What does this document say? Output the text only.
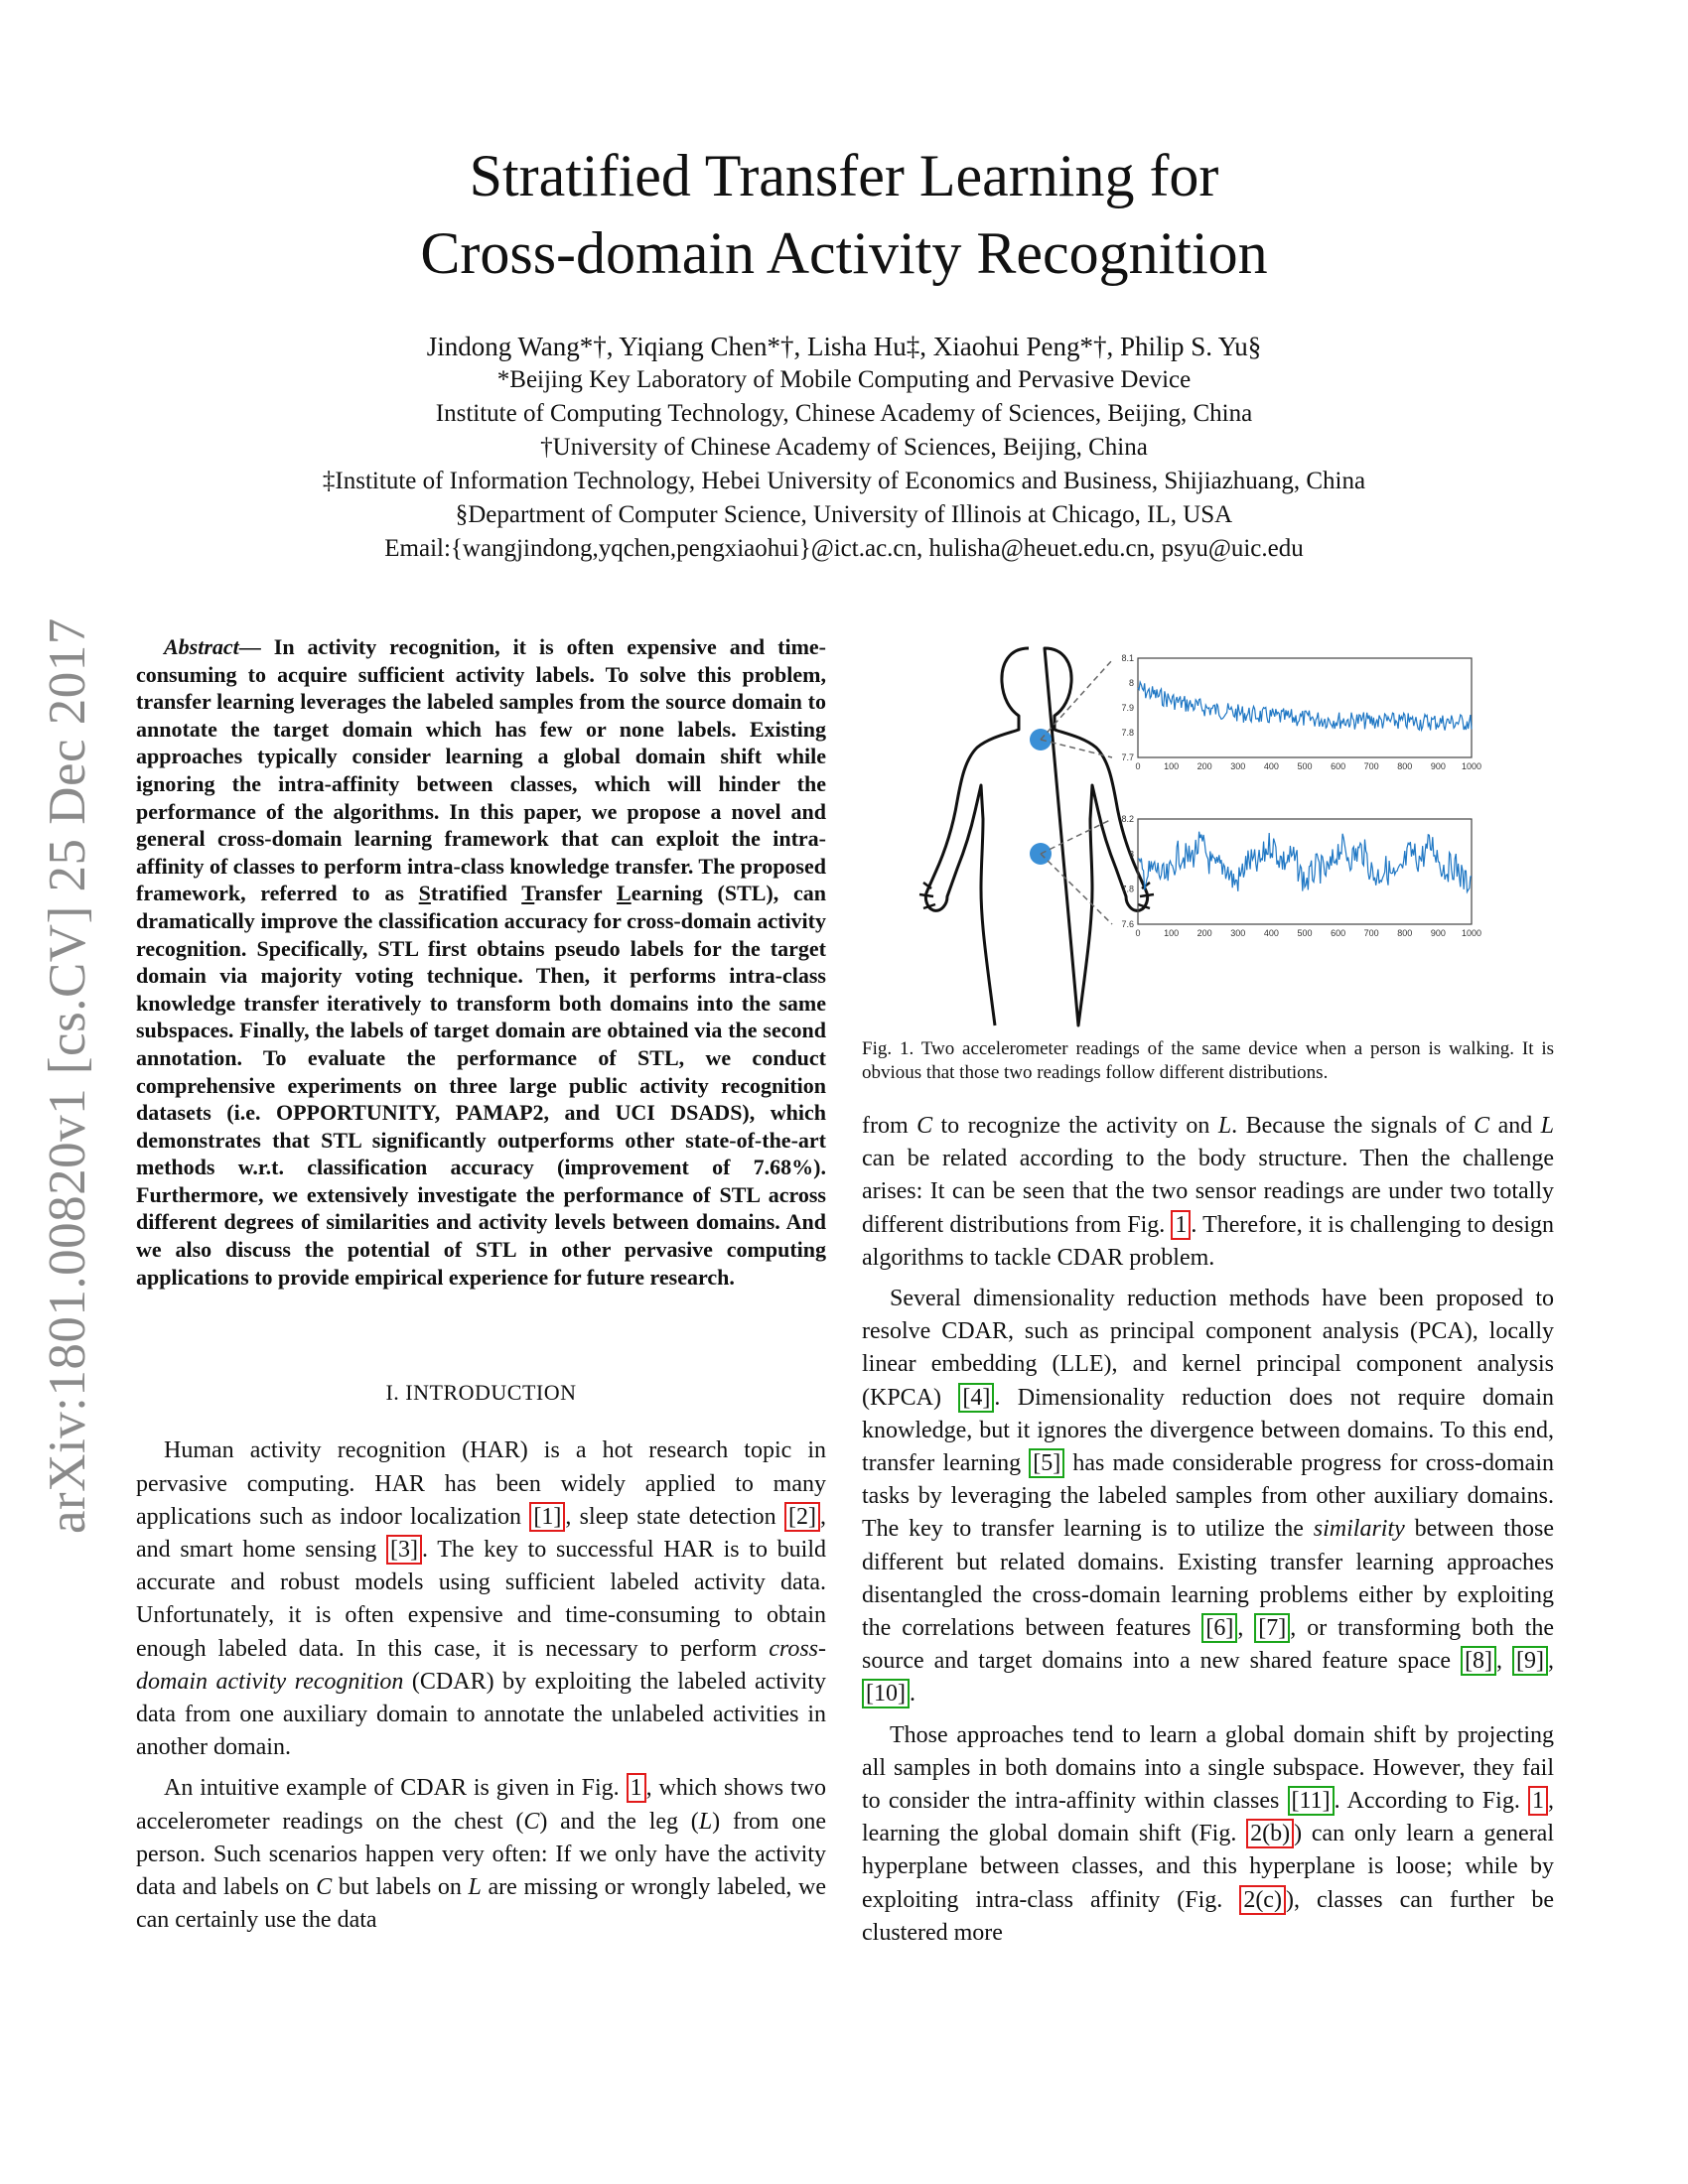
arXiv:1801.00820v1 [cs.CV] 25 Dec 2017
Stratified Transfer Learning for
Cross-domain Activity Recognition
Jindong Wang*†, Yiqiang Chen*†, Lisha Hu‡, Xiaohui Peng*†, Philip S. Yu§
*Beijing Key Laboratory of Mobile Computing and Pervasive Device
Institute of Computing Technology, Chinese Academy of Sciences, Beijing, China
†University of Chinese Academy of Sciences, Beijing, China
‡Institute of Information Technology, Hebei University of Economics and Business, Shijiazhuang, China
§Department of Computer Science, University of Illinois at Chicago, IL, USA
Email:{wangjindong,yqchen,pengxiaohui}@ict.ac.cn, hulisha@heuet.edu.cn, psyu@uic.edu

Abstract— In activity recognition, it is often expensive and time-consuming to acquire sufficient activity labels. To solve this problem, transfer learning leverages the labeled samples from the source domain to annotate the target domain which has few or none labels. Existing approaches typically consider learning a global domain shift while ignoring the intra-affinity between classes, which will hinder the performance of the algorithms. In this paper, we propose a novel and general cross-domain learning framework that can exploit the intra-affinity of classes to perform intra-class knowledge transfer. The proposed framework, referred to as Stratified Transfer Learning (STL), can dramatically improve the classification accuracy for cross-domain activity recognition. Specifically, STL first obtains pseudo labels for the target domain via majority voting technique. Then, it performs intra-class knowledge transfer iteratively to transform both domains into the same subspaces. Finally, the labels of target domain are obtained via the second annotation. To evaluate the performance of STL, we conduct comprehensive experiments on three large public activity recognition datasets (i.e. OPPORTUNITY, PAMAP2, and UCI DSADS), which demonstrates that STL significantly outperforms other state-of-the-art methods w.r.t. classification accuracy (improvement of 7.68%). Furthermore, we extensively investigate the performance of STL across different degrees of similarities and activity levels between domains. And we also discuss the potential of STL in other pervasive computing applications to provide empirical experience for future research.

I. INTRODUCTION

Human activity recognition (HAR) is a hot research topic in pervasive computing. HAR has been widely applied to many applications such as indoor localization [1] , sleep state detection [2] , and smart home sensing [3] . The key to successful HAR is to build accurate and robust models using sufficient labeled activity data. Unfortunately, it is often expensive and time-consuming to obtain enough labeled data. In this case, it is necessary to perform cross-domain activity recognition (CDAR) by exploiting the labeled activity data from one auxiliary domain to annotate the unlabeled activities in another domain.

An intuitive example of CDAR is given in Fig. 1 , which shows two accelerometer readings on the chest (C) and the leg (L) from one person. Such scenarios happen very often: If we only have the activity data and labels on C but labels on L are missing or wrongly labeled, we can certainly use the data

8.1
8
7.9
7.8
7.7
0	100 200 300 400 500 600 700 800 900 1000
8.2
8
7.8
7.6
0	100 200 300 400 500 600 700 800 900 1000
Fig. 1. Two accelerometer readings of the same device when a person is walking. It is obvious that those two readings follow different distributions.

from C to recognize the activity on L. Because the signals of C and L can be related according to the body structure. Then the challenge arises: It can be seen that the two sensor readings are under two totally different distributions from Fig. 1 . Therefore, it is challenging to design algorithms to tackle CDAR problem.

Several dimensionality reduction methods have been proposed to resolve CDAR, such as principal component analysis (PCA), locally linear embedding (LLE), and kernel principal component analysis (KPCA) [4] . Dimensionality reduction does not require domain knowledge, but it ignores the divergence between domains. To this end, transfer learning [5] has made considerable progress for cross-domain tasks by leveraging the labeled samples from other auxiliary domains. The key to transfer learning is to utilize the similarity between those different but related domains. Existing transfer learning approaches disentangled the cross-domain learning problems either by exploiting the correlations between features [6] , [7] , or transforming both the source and target domains into a new shared feature space [8] , [9] , [10] .

Those approaches tend to learn a global domain shift by projecting all samples in both domains into a single subspace. However, they fail to consider the intra-affinity within classes [11] . According to Fig. 1 , learning the global domain shift (Fig. 2(b) ) can only learn a general hyperplane between classes, and this hyperplane is loose; while by exploiting intra-class affinity (Fig. 2(c) ), classes can further be clustered more
